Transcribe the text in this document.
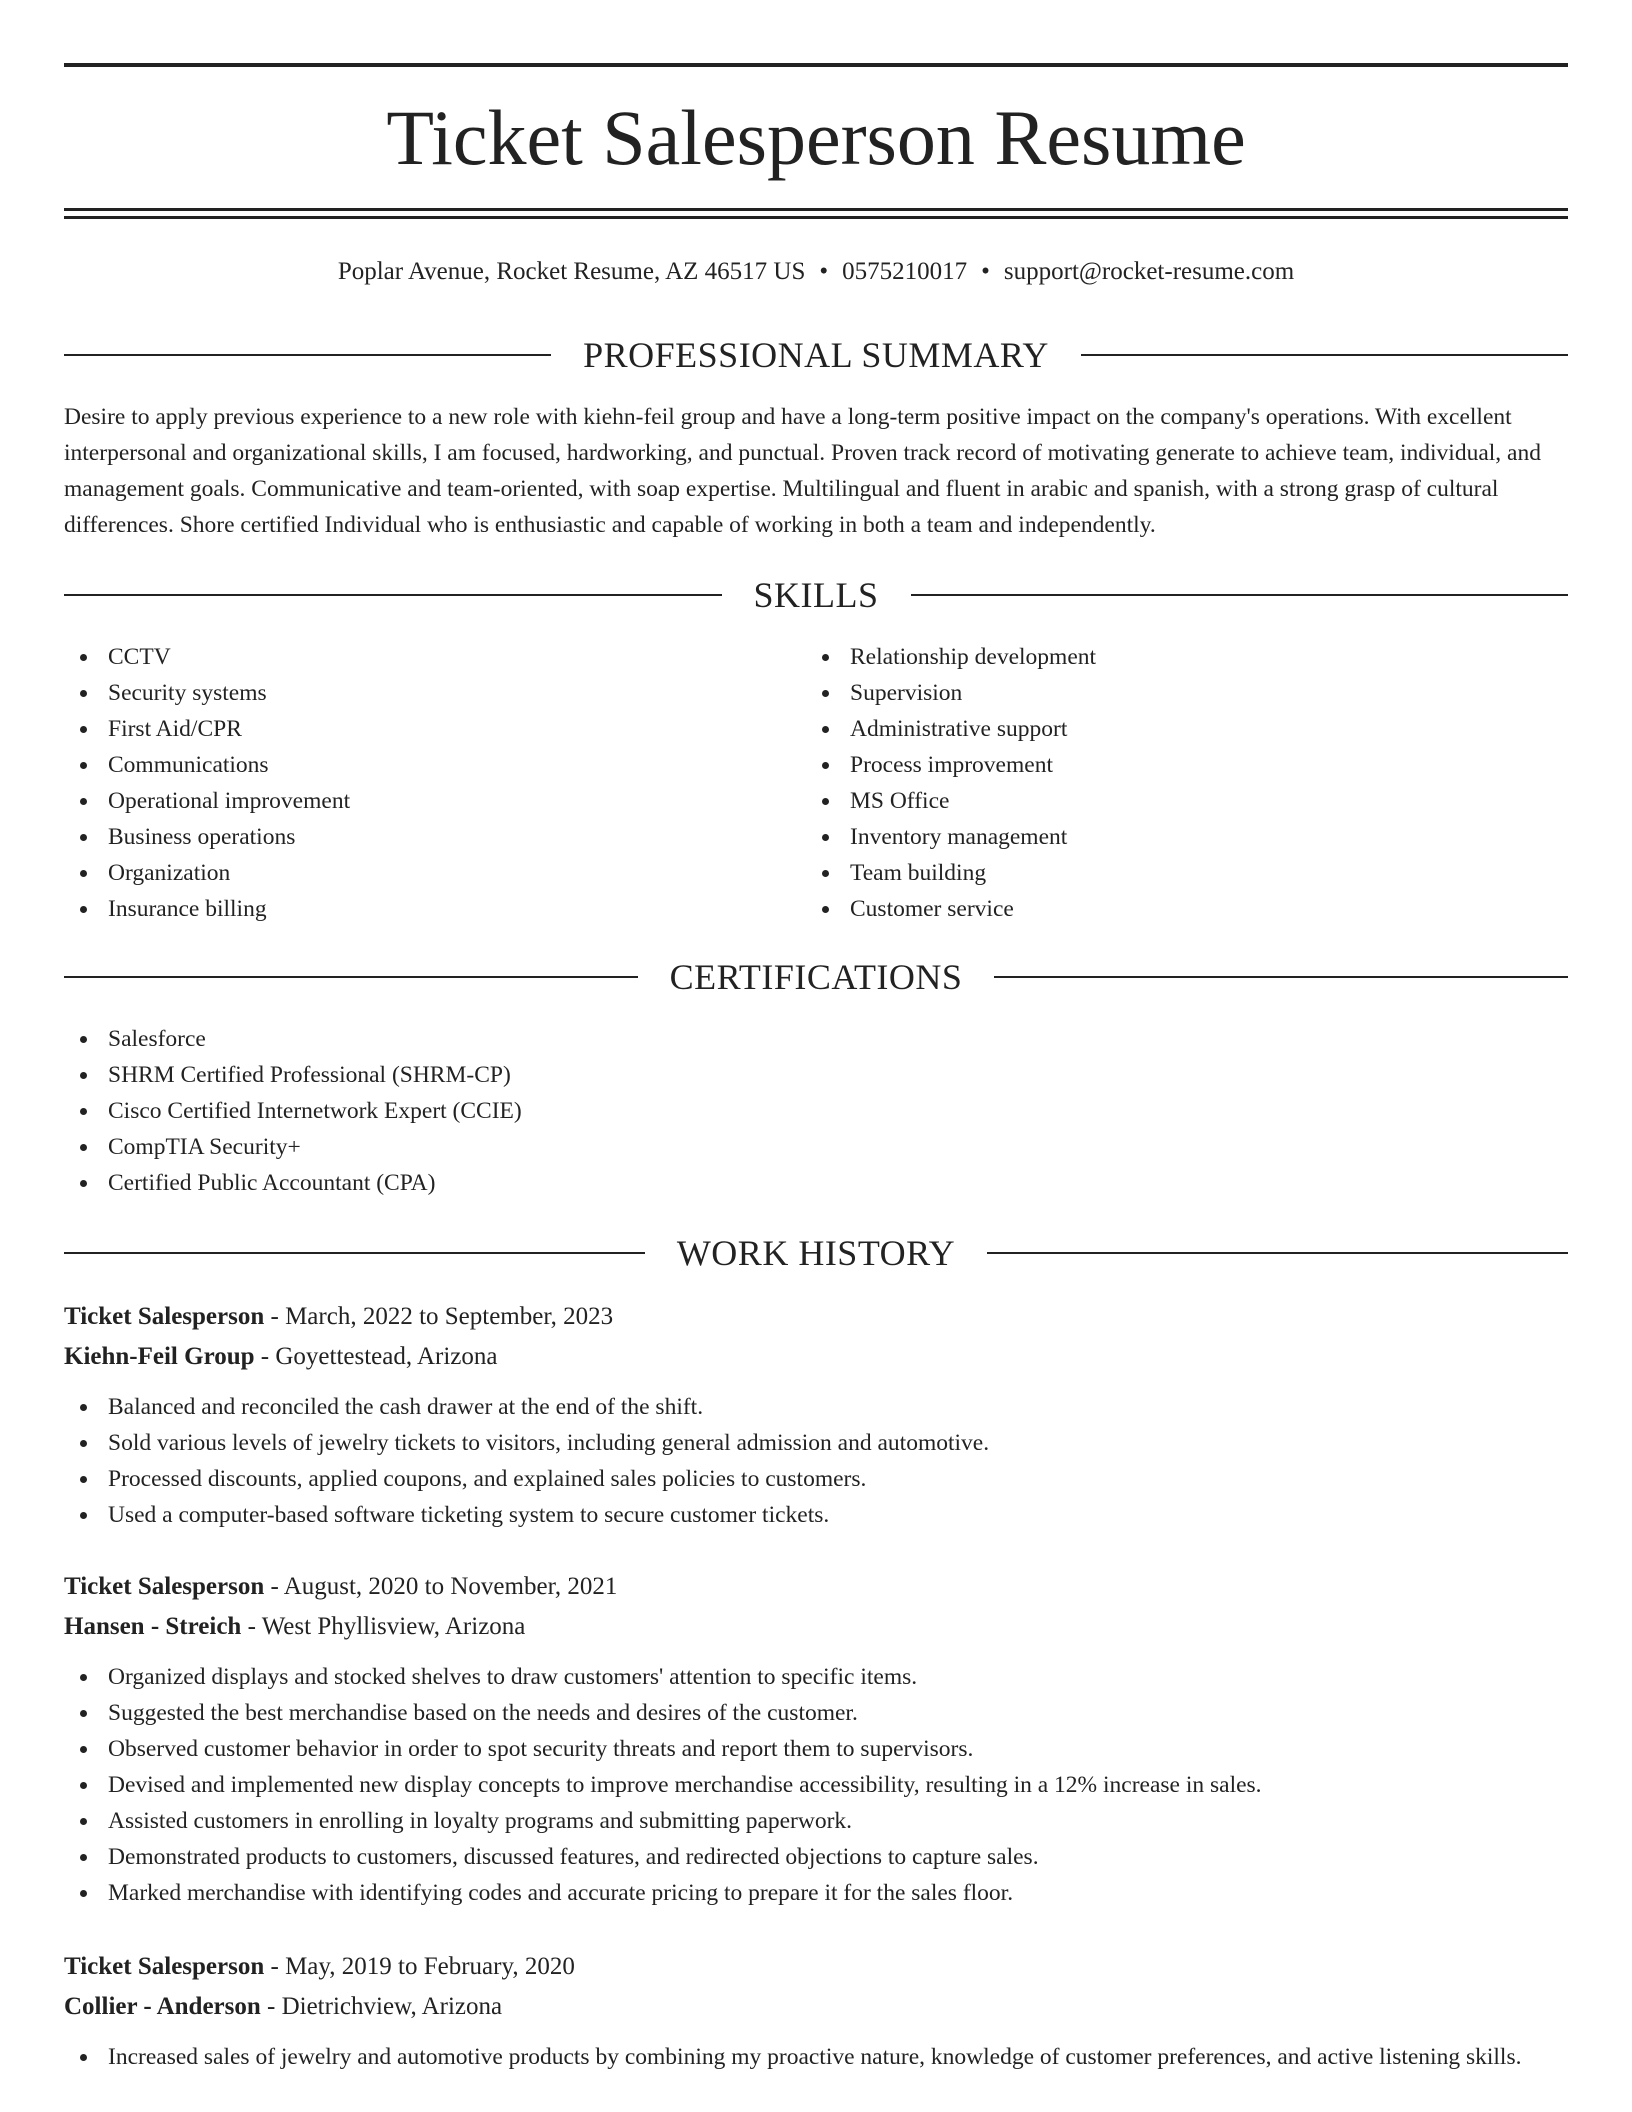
Ticket Salesperson Resume
Poplar Avenue, Rocket Resume, AZ 46517 US • 0575210017 • support@rocket-resume.com
PROFESSIONAL SUMMARY

Desire to apply previous experience to a new role with kiehn-feil group and have a long-term positive impact on the company's operations. With excellent interpersonal and organizational skills, I am focused, hardworking, and punctual. Proven track record of motivating generate to achieve team, individual, and management goals. Communicative and team-oriented, with soap expertise. Multilingual and fluent in arabic and spanish, with a strong grasp of cultural differences. Shore certified Individual who is enthusiastic and capable of working in both a team and independently.

SKILLS
CCTV
Security systems
First Aid/CPR
Communications
Operational improvement
Business operations
Organization
Insurance billing
Relationship development
Supervision
Administrative support
Process improvement
MS Office
Inventory management
Team building
Customer service
CERTIFICATIONS
Salesforce
SHRM Certified Professional (SHRM-CP)
Cisco Certified Internetwork Expert (CCIE)
CompTIA Security+
Certified Public Accountant (CPA)
WORK HISTORY
Ticket Salesperson - March, 2022 to September, 2023
Kiehn-Feil Group - Goyettestead, Arizona
Balanced and reconciled the cash drawer at the end of the shift.
Sold various levels of jewelry tickets to visitors, including general admission and automotive.
Processed discounts, applied coupons, and explained sales policies to customers.
Used a computer-based software ticketing system to secure customer tickets.
Ticket Salesperson - August, 2020 to November, 2021
Hansen - Streich - West Phyllisview, Arizona
Organized displays and stocked shelves to draw customers' attention to specific items.
Suggested the best merchandise based on the needs and desires of the customer.
Observed customer behavior in order to spot security threats and report them to supervisors.
Devised and implemented new display concepts to improve merchandise accessibility, resulting in a 12% increase in sales.
Assisted customers in enrolling in loyalty programs and submitting paperwork.
Demonstrated products to customers, discussed features, and redirected objections to capture sales.
Marked merchandise with identifying codes and accurate pricing to prepare it for the sales floor.
Ticket Salesperson - May, 2019 to February, 2020
Collier - Anderson - Dietrichview, Arizona
Increased sales of jewelry and automotive products by combining my proactive nature, knowledge of customer preferences, and active listening skills.
